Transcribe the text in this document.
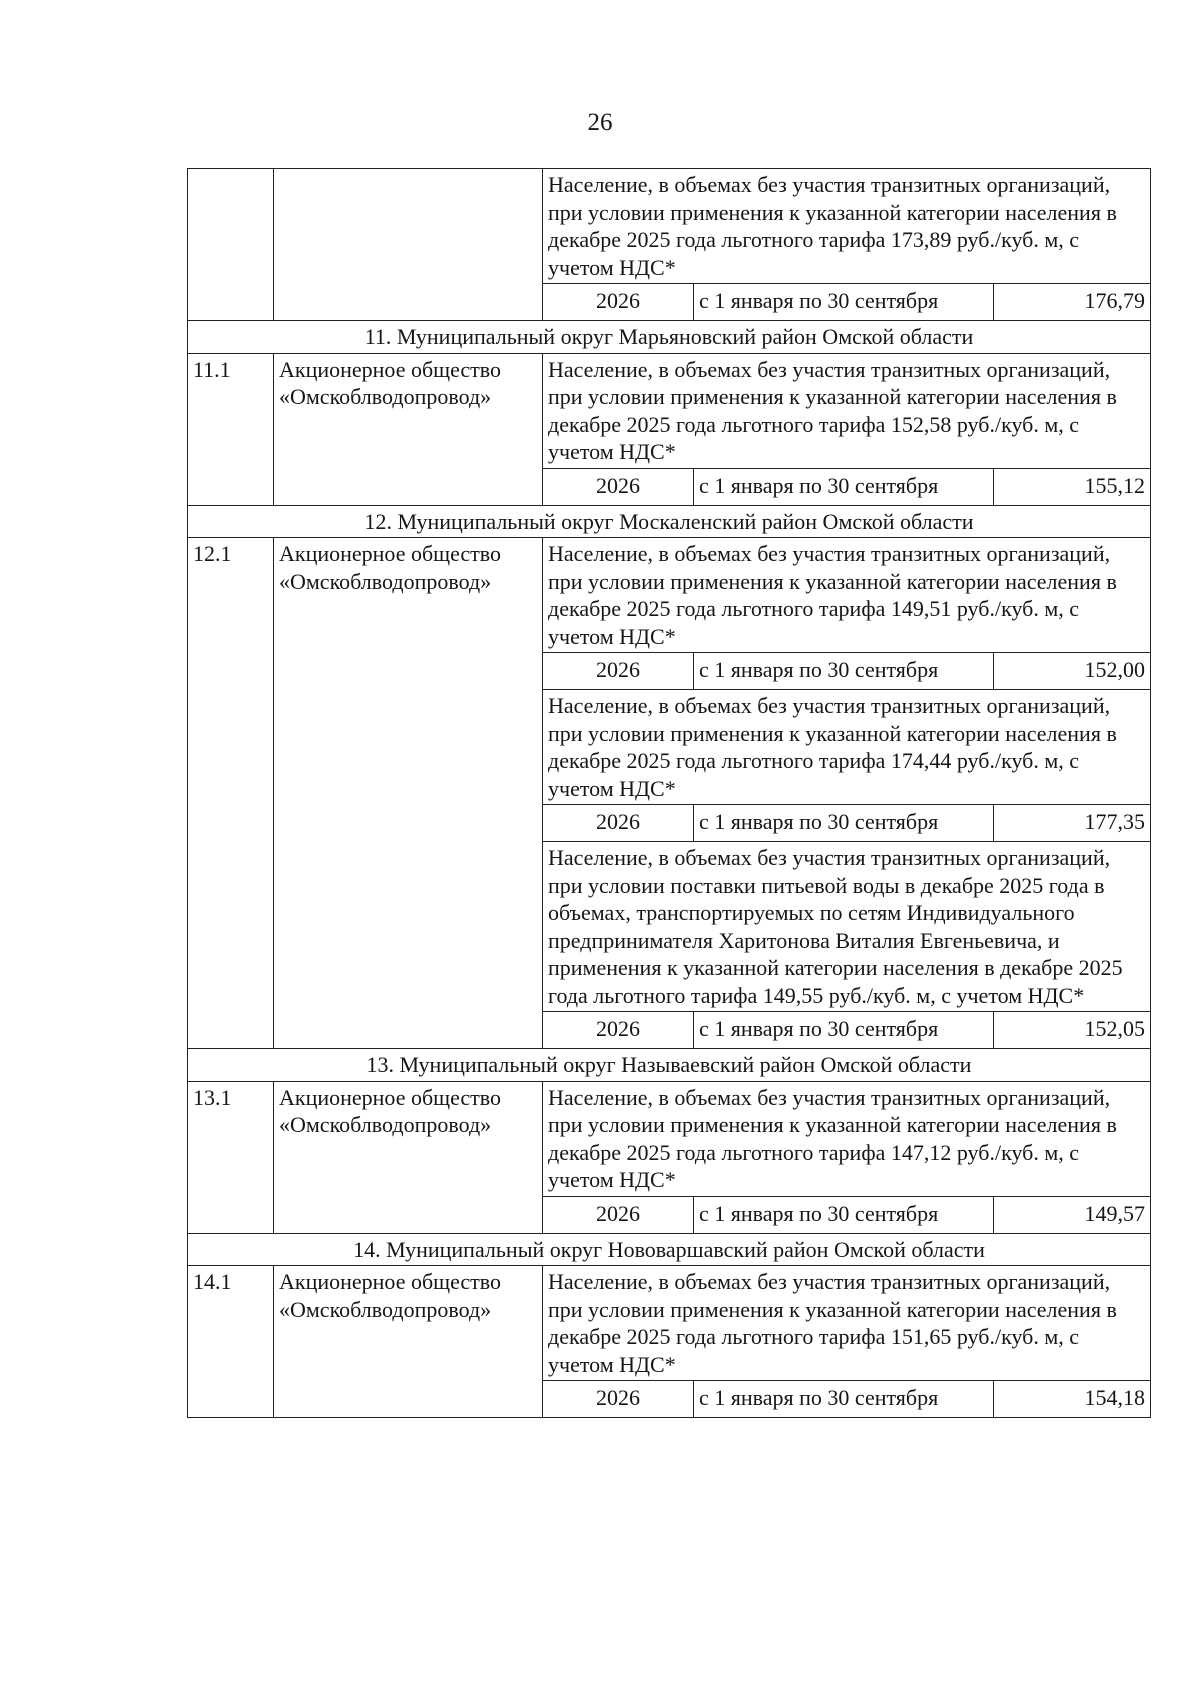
26
		Население, в объемах без участия транзитных организаций, при условии применения к указанной категории населения в декабре 2025 года льготного тарифа 173,89 руб./куб. м, с учетом НДС*		
		2026	с 1 января по 30 сентября	176,79
11. Муниципальный округ Марьяновский район Омской области				
11.1	Акционерное общество «Омскоблводопровод»	Население, в объемах без участия транзитных организаций, при условии применения к указанной категории населения в декабре 2025 года льготного тарифа 152,58 руб./куб. м, с учетом НДС*		
		2026	с 1 января по 30 сентября	155,12
12. Муниципальный округ Москаленский район Омской области				
12.1	Акционерное общество «Омскоблводопровод»	Население, в объемах без участия транзитных организаций, при условии применения к указанной категории населения в декабре 2025 года льготного тарифа 149,51 руб./куб. м, с учетом НДС*		
		2026	с 1 января по 30 сентября	152,00
		Население, в объемах без участия транзитных организаций, при условии применения к указанной категории населения в декабре 2025 года льготного тарифа 174,44 руб./куб. м, с учетом НДС*		
		2026	с 1 января по 30 сентября	177,35
		Население, в объемах без участия транзитных организаций, при условии поставки питьевой воды в декабре 2025 года в объемах, транспортируемых по сетям Индивидуального предпринимателя Харитонова Виталия Евгеньевича, и применения к указанной категории населения в декабре 2025 года льготного тарифа 149,55 руб./куб. м, с учетом НДС*		
		2026	с 1 января по 30 сентября	152,05
13. Муниципальный округ Называевский район Омской области				
13.1	Акционерное общество «Омскоблводопровод»	Население, в объемах без участия транзитных организаций, при условии применения к указанной категории населения в декабре 2025 года льготного тарифа 147,12 руб./куб. м, с учетом НДС*		
		2026	с 1 января по 30 сентября	149,57
14. Муниципальный округ Нововаршавский район Омской области				
14.1	Акционерное общество «Омскоблводопровод»	Население, в объемах без участия транзитных организаций, при условии применения к указанной категории населения в декабре 2025 года льготного тарифа 151,65 руб./куб. м, с учетом НДС*		
		2026	с 1 января по 30 сентября	154,18
